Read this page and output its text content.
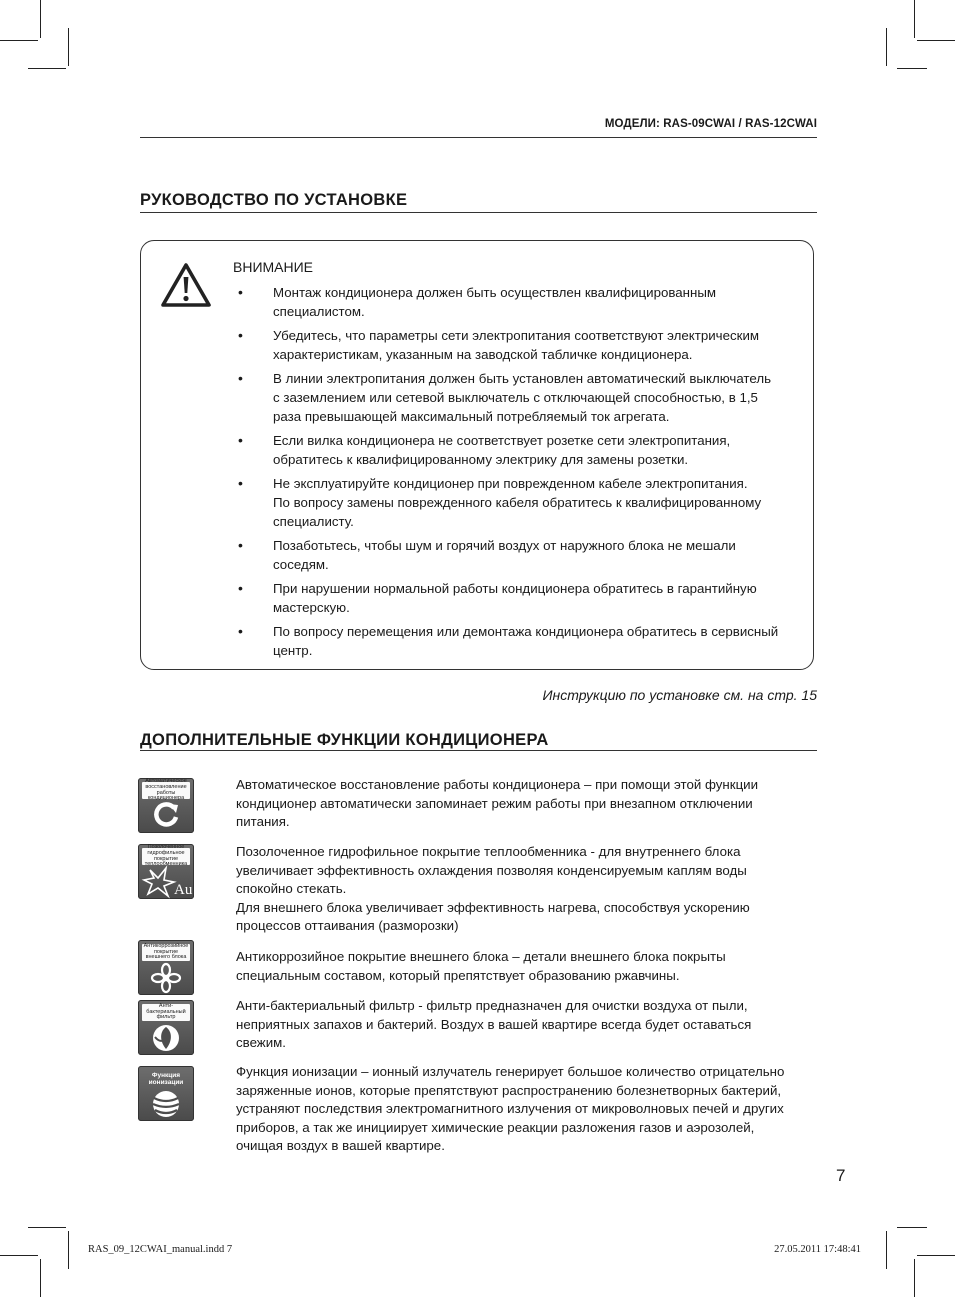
МОДЕЛИ: RAS-09CWAI / RAS-12CWAI
РУКОВОДСТВО ПО УСТАНОВКЕ
ВНИМАНИЕ
• Монтаж кондиционера должен быть осуществлен квалифицированным
специалистом.
• Убедитесь, что параметры сети электропитания соответствуют электрическим
характеристикам, указанным на заводской табличке кондиционера.
• В линии электропитания должен быть установлен автоматический выключатель
с заземлением или сетевой выключатель с отключающей способностью, в 1,5
раза превышающей максимальный потребляемый ток агрегата.
• Если вилка кондиционера не соответствует розетке сети электропитания,
обратитесь к квалифицированному электрику для замены розетки.
• Не эксплуатируйте кондиционер при поврежденном кабеле электропитания.
По вопросу замены поврежденного кабеля обратитесь к квалифицированному
специалисту.
• Позаботьтесь, чтобы шум и горячий воздух от наружного блока не мешали
соседям.
• При нарушении нормальной работы кондиционера обратитесь в гарантийную
мастерскую.
• По вопросу перемещения или демонтажа кондиционера обратитесь в сервисный
центр.
Инструкцию по установке см. на стр. 15
ДОПОЛНИТЕЛЬНЫЕ ФУНКЦИИ КОНДИЦИОНЕРА
Автоматическое восстановление работы кондиционера
Автоматическое восстановление работы кондиционера – при помощи этой функции
кондиционер автоматически запоминает режим работы при внезапном отключении
питания.
Позолоченное гидрофильное покрытие теплообменника
Au
Позолоченное гидрофильное покрытие теплообменника - для внутреннего блока
увеличивает эффективность охлаждения позволяя конденсируемым каплям воды
спокойно стекать.
Для внешнего блока увеличивает эффективность нагрева, способствуя ускорению
процессов оттаивания (разморозки)
Антикоррозийное покрытие внешнего блока	Антикоррозийное покрытие внешнего блока – детали внешнего блока покрыты
специальным составом, который препятствует образованию ржавчины.
Анти-бактериальный фильтр
Анти-бактериальный фильтр - фильтр предназначен для очистки воздуха от пыли,
неприятных запахов и бактерий. Воздух в вашей квартире всегда будет оставаться
свежим.
Функция ионизации
Функция ионизации – ионный излучатель генерирует большое количество отрицательно
заряженные ионов, которые препятствуют распространению болезнетворных бактерий,
устраняют последствия электромагнитного излучения от микроволновых печей и других
приборов, а так же инициирует химические реакции разложения газов и аэрозолей,
очищая воздух в вашей квартире.
7
RAS_09_12CWAI_manual.indd 7	27.05.2011 17:48:41
